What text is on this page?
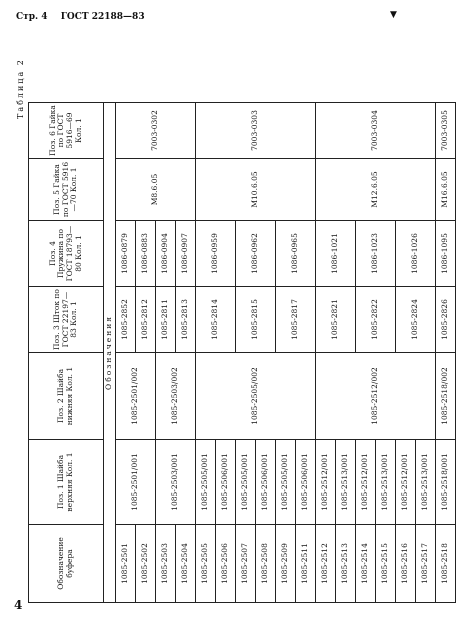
Стр. 4 ГОСТ 22188—83	▼
Таблица 2
Обозначение буфера	Поз. 1 Шайба верхняя Кол. 1	Поз. 2 Шайба нижняя Кол. 1	Поз. 3 Шток по ГОСТ 22197—83 Кол. 1	Поз. 4 Пружина по ГОСТ 18793—80 Кол. 1	Поз. 5 Гайка по ГОСТ 5916—70 Кол. 1	Поз. 6 Гайка по ГОСТ 5916—69 Кол. 1
Обозначения						
1085-2501	1085-2501/001	1085-2501/002	1085-2852	1086-0879	М8.6.05	7003-0302
1085-2502			1085-2812	1086-0883		
1085-2503	1085-2503/001	1085-2503/002	1085-2811	1086-0904		
1085-2504			1085-2813	1086-0907		
1085-2505	1085-2505/001	1085-2505/002	1085-2814	1086-0959	М10.6.05	7003-0303
1085-2506	1085-2506/001					
1085-2507	1085-2505/001		1085-2815	1086-0962		
1085-2508	1085-2506/001					
1085-2509	1085-2505/001		1085-2817	1086-0965		
1085-2511	1085-2506/001					
1085-2512	1085-2512/001	1085-2512/002	1085-2821	1086-1021	М12.6.05	7003-0304
1085-2513	1085-2513/001					
1085-2514	1085-2512/001		1085-2822	1086-1023		
1085-2515	1085-2513/001					
1085-2516	1085-2512/001		1085-2824	1086-1026		
1085-2517	1085-2513/001					
1085-2518	1085-2518/001	1085-2518/002	1085-2826	1086-1095	М16.6.05	7003-0305
4
